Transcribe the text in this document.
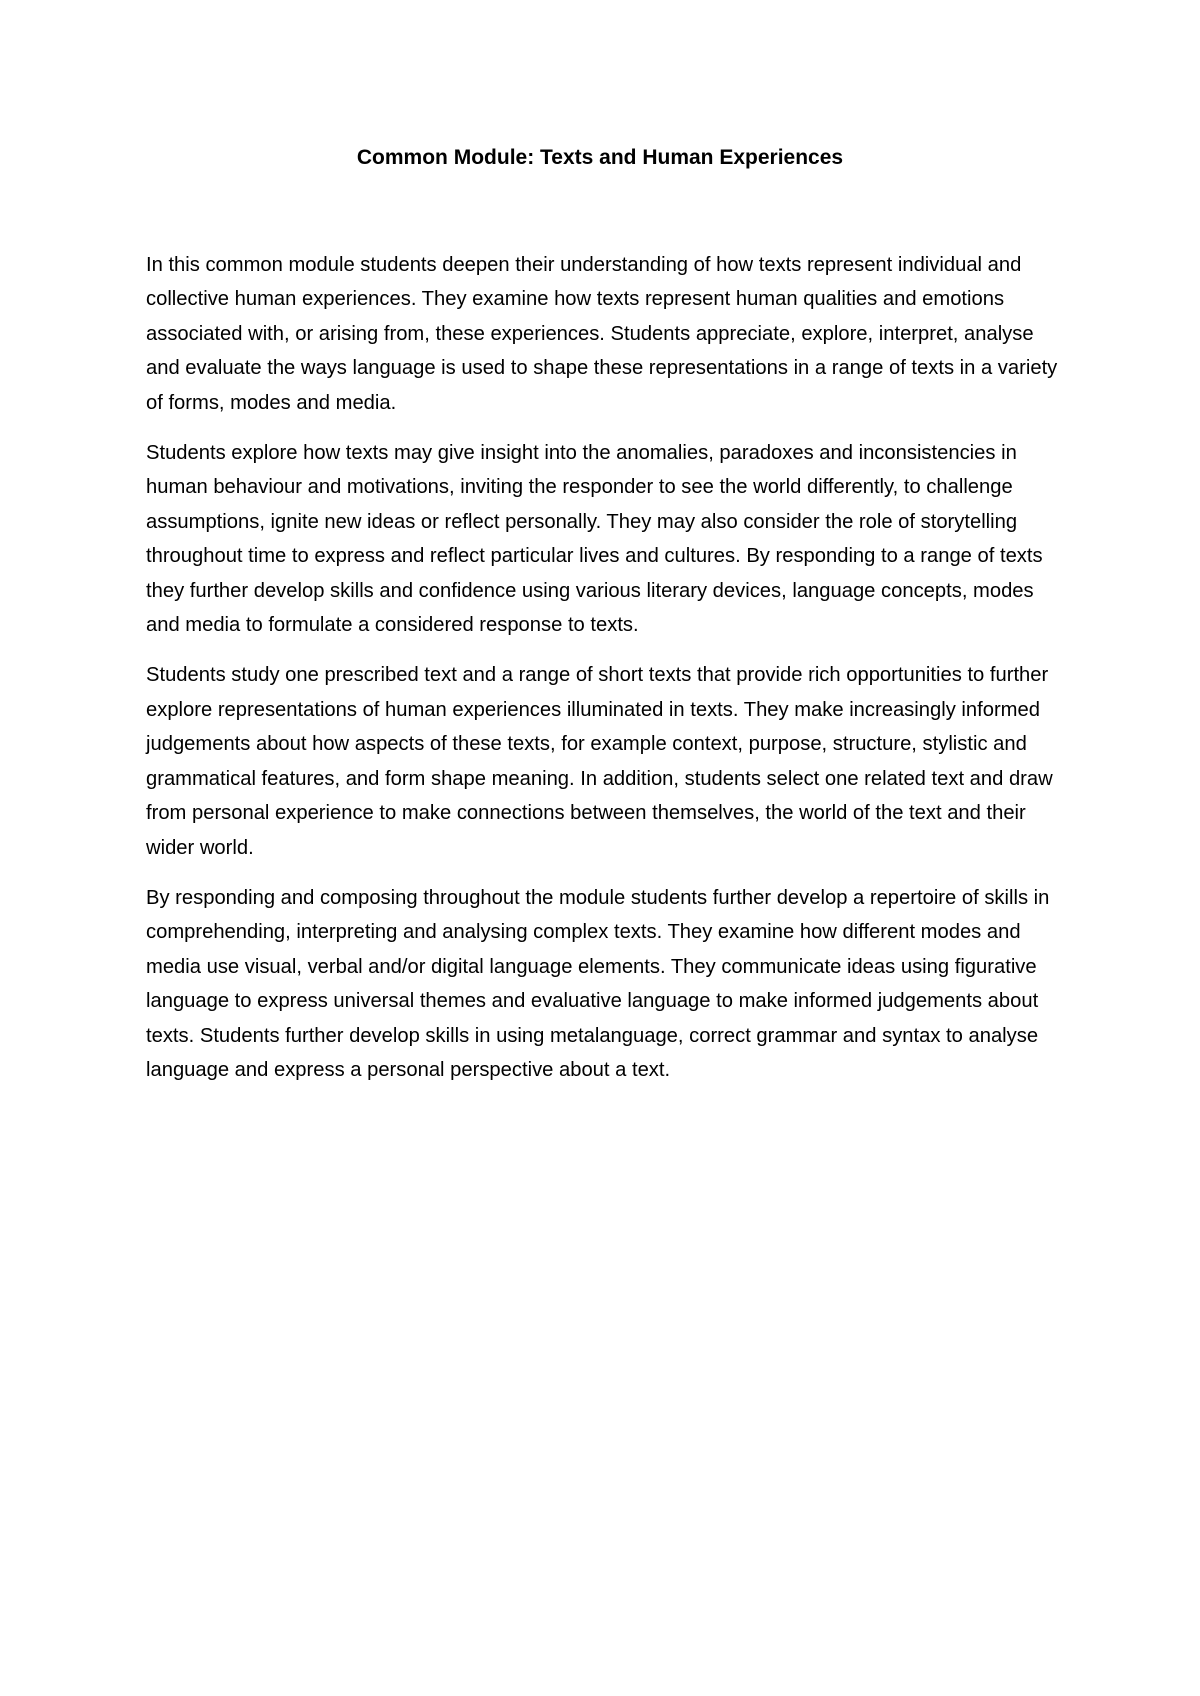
Common Module: Texts and Human Experiences

In this common module students deepen their understanding of how texts represent individual and collective human experiences. They examine how texts represent human qualities and emotions associated with, or arising from, these experiences. Students appreciate, explore, interpret, analyse and evaluate the ways language is used to shape these representations in a range of texts in a variety of forms, modes and media.

Students explore how texts may give insight into the anomalies, paradoxes and inconsistencies in human behaviour and motivations, inviting the responder to see the world differently, to challenge assumptions, ignite new ideas or reflect personally. They may also consider the role of storytelling throughout time to express and reflect particular lives and cultures. By responding to a range of texts they further develop skills and confidence using various literary devices, language concepts, modes and media to formulate a considered response to texts.

Students study one prescribed text and a range of short texts that provide rich opportunities to further explore representations of human experiences illuminated in texts. They make increasingly informed judgements about how aspects of these texts, for example context, purpose, structure, stylistic and grammatical features, and form shape meaning. In addition, students select one related text and draw from personal experience to make connections between themselves, the world of the text and their wider world.

By responding and composing throughout the module students further develop a repertoire of skills in comprehending, interpreting and analysing complex texts. They examine how different modes and media use visual, verbal and/or digital language elements. They communicate ideas using figurative language to express universal themes and evaluative language to make informed judgements about texts. Students further develop skills in using metalanguage, correct grammar and syntax to analyse language and express a personal perspective about a text.
